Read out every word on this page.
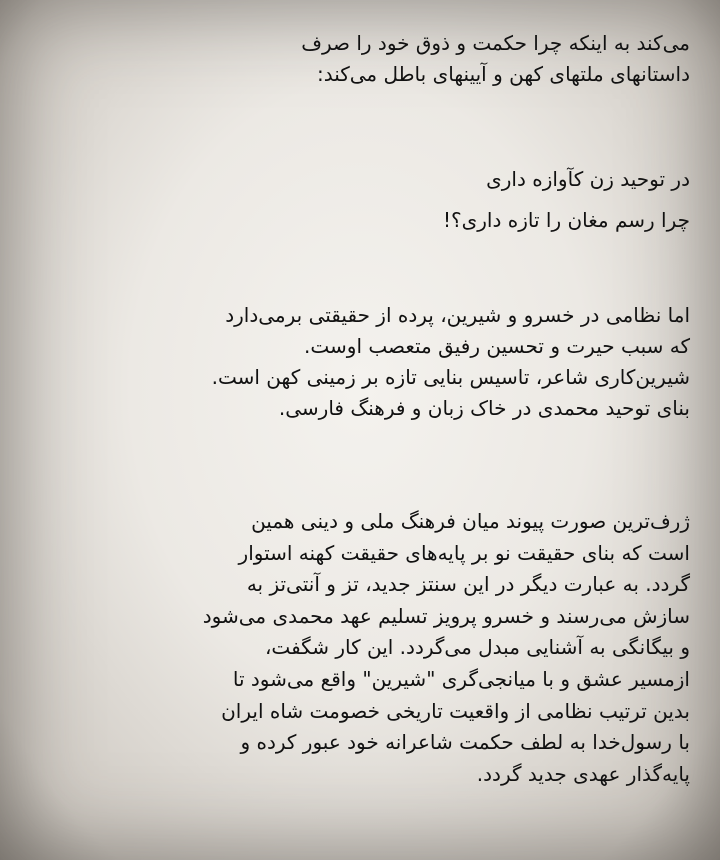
می‌کند به اینکه چرا حکمت و ذوق خود را صرف
داستانهای ملتهای کهن و آیینهای باطل می‌کند:
در توحید زن کآوازه داری
چرا رسم مغان را تازه داری؟!
اما نظامی در خسرو و شیرین، پرده از حقیقتی برمی‌دارد
که سبب حیرت و تحسین رفیق متعصب اوست.
شیرین‌کاری شاعر، تاسیس بنایی تازه بر زمینی کهن است.
بنای توحید محمدی در خاک زبان و فرهنگ فارسی.
ژرف‌ترین صورت پیوند میان فرهنگ ملی و دینی همین
است که بنای حقیقت نو بر پایه‌های حقیقت کهنه استوار
گردد. به عبارت دیگر در این سنتز جدید، تز و آنتی‌تز به
سازش می‌رسند و خسرو پرویز تسلیم عهد محمدی می‌شود
و بیگانگی به آشنایی مبدل می‌گردد. این کار شگفت،
ازمسیر عشق و با میانجی‌گری "شیرین" واقع می‌شود تا
بدین ترتیب نظامی از واقعیت تاریخی خصومت شاه ایران
با رسول‌خدا به لطف حکمت شاعرانه خود عبور کرده و
پایه‌گذار عهدی جدید گردد.
